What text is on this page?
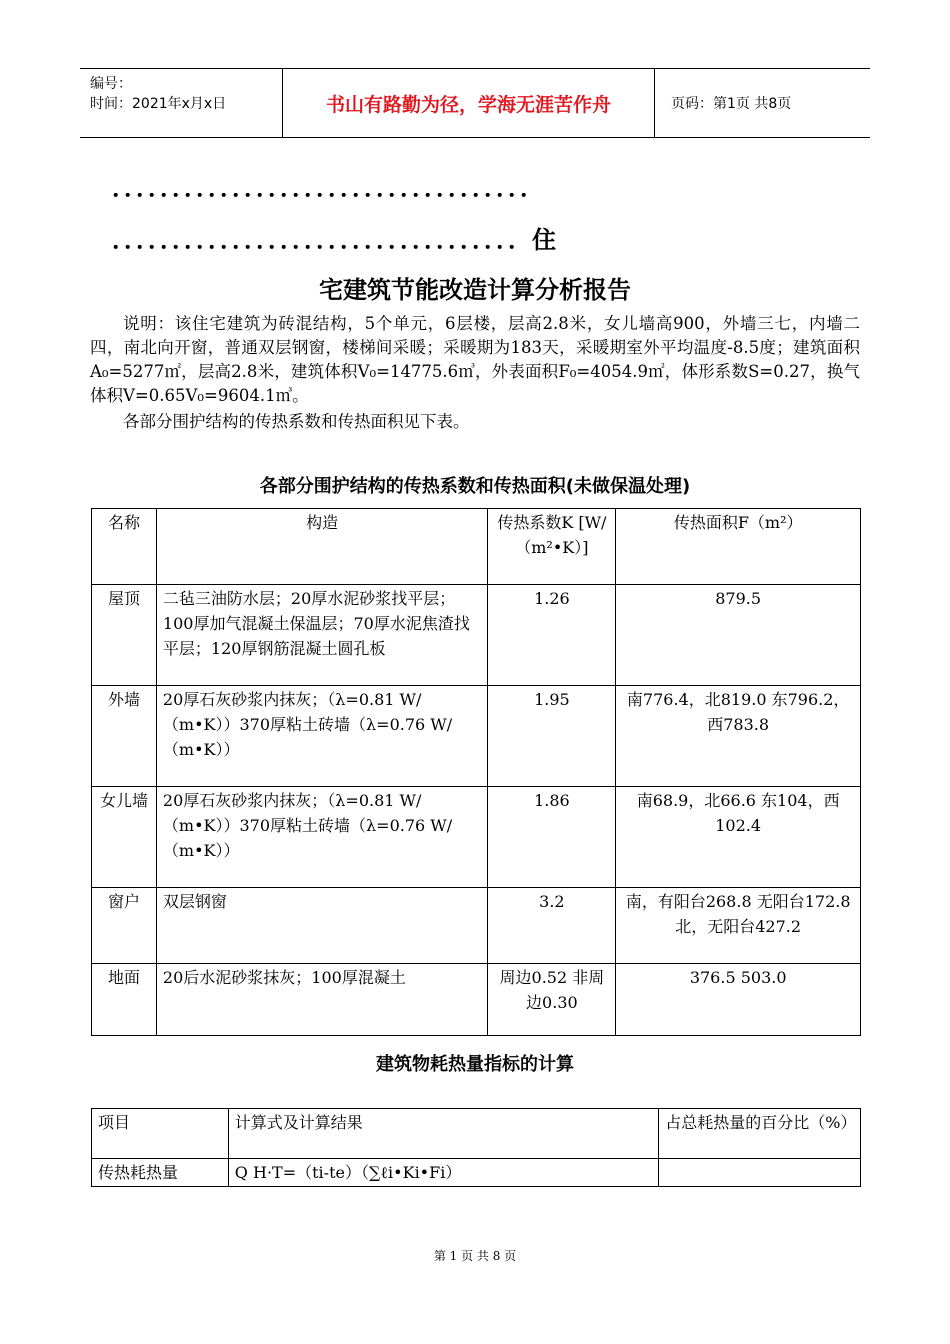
编号：
时间：2021年x月x日	书山有路勤为径，学海无涯苦作舟	页码：第1页 共8页
．．．．．．．．．．．．．．．．．．．．．．．．．．．．．．．．．．．
．．．．．．．．．．．．．．．．．．．．．．．．．．．．．．．．．．住
宅建筑节能改造计算分析报告
说明：该住宅建筑为砖混结构，5个单元，6层楼，层高2.8米，女儿墙高900，外墙三七，内墙二四，南北向开窗，普通双层钢窗，楼梯间采暖；采暖期为183天，采暖期室外平均温度-8.5度；建筑面积A₀=5277㎡，层高2.8米，建筑体积V₀=14775.6㎥，外表面积F₀=4054.9㎡，体形系数S=0.27，换气体积V=0.65V₀=9604.1㎥。
各部分围护结构的传热系数和传热面积见下表。
各部分围护结构的传热系数和传热面积(未做保温处理)
名称	构造	传热系数K [W/（m²•K）]	传热面积F（m²）
屋顶	二毡三油防水层；20厚水泥砂浆找平层；100厚加气混凝土保温层；70厚水泥焦渣找平层；120厚钢筋混凝土圆孔板	1.26	879.5
外墙	20厚石灰砂浆内抹灰；（λ=0.81 W/（m•K））370厚粘土砖墙（λ=0.76 W/（m•K））	1.95	南776.4，北819.0 东796.2，西783.8
女儿墙	20厚石灰砂浆内抹灰；（λ=0.81 W/（m•K））370厚粘土砖墙（λ=0.76 W/（m•K））	1.86	南68.9，北66.6 东104，西102.4
窗户	双层钢窗	3.2	南，有阳台268.8 无阳台172.8 北，无阳台427.2
地面	20后水泥砂浆抹灰；100厚混凝土	周边0.52 非周边0.30	376.5 503.0
建筑物耗热量指标的计算
项目	计算式及计算结果	占总耗热量的百分比（%）
传热耗热量	Q H·T=（ti-te）（∑ℓi•Ki•Fi）	
第 1 页 共 8 页
